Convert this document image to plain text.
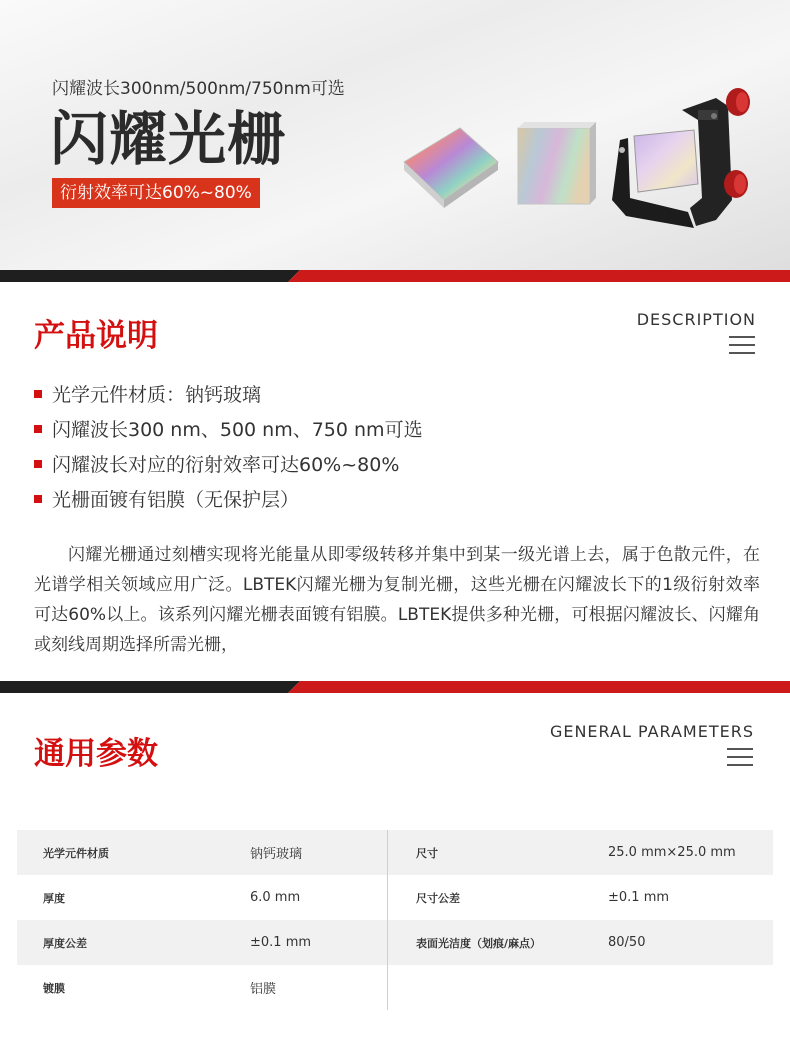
闪耀波长300nm/500nm/750nm可选
闪耀光栅
衍射效率可达60%~80%
产品说明	DESCRIPTION
光学元件材质：钠钙玻璃
闪耀波长300 nm、500 nm、750 nm可选
闪耀波长对应的衍射效率可达60%~80%
光栅面镀有铝膜（无保护层）

闪耀光栅通过刻槽实现将光能量从即零级转移并集中到某一级光谱上去，属于色散元件，在光谱学相关领域应用广泛。LBTEK闪耀光栅为复制光栅，这些光栅在闪耀波长下的1级衍射效率可达60%以上。该系列闪耀光栅表面镀有铝膜。LBTEK提供多种光栅，可根据闪耀波长、闪耀角或刻线周期选择所需光栅，

通用参数
GENERAL PARAMETERS
光学元件材质	钠钙玻璃	尺寸	25.0 mm×25.0 mm
厚度	6.0 mm	尺寸公差	±0.1 mm
厚度公差	±0.1 mm	表面光洁度（划痕/麻点）	80/50
镀膜	铝膜		
